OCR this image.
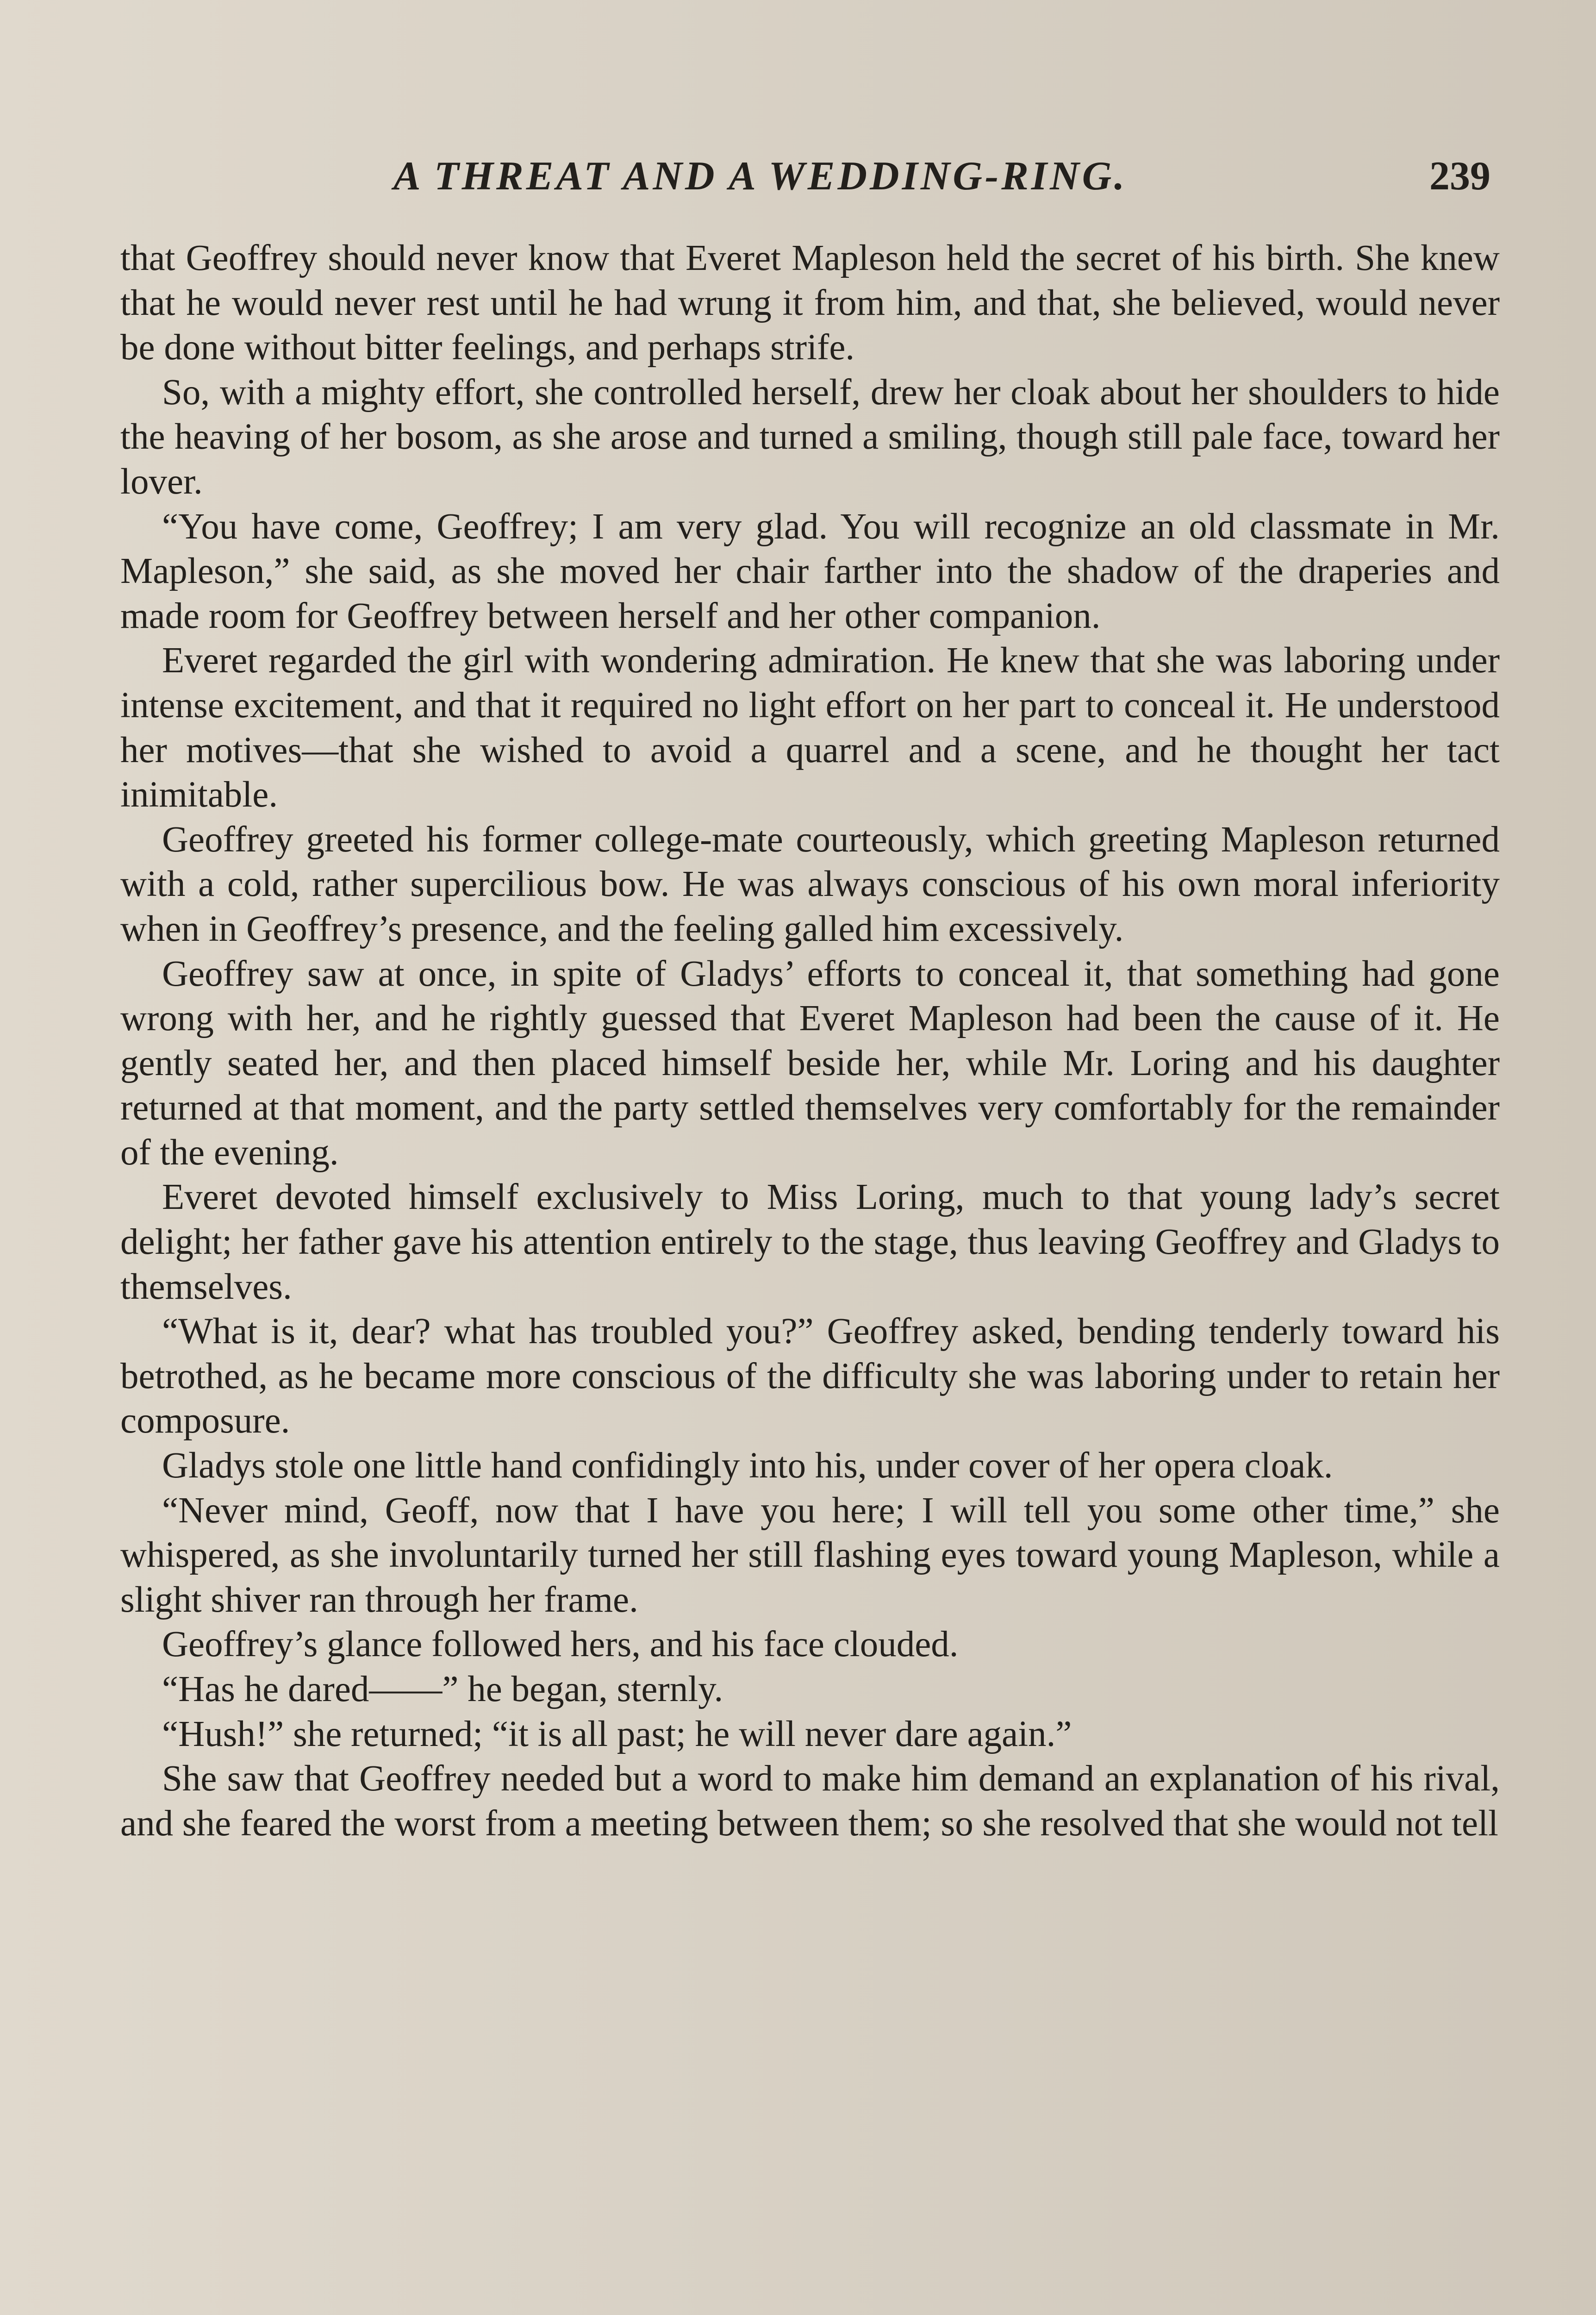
A THREAT AND A WEDDING-RING.	239

that Geoffrey should never know that Everet Mapleson held the secret of his birth. She knew that he would never rest until he had wrung it from him, and that, she believed, would never be done without bitter feelings, and perhaps strife.

So, with a mighty effort, she controlled herself, drew her cloak about her shoulders to hide the heaving of her bosom, as she arose and turned a smiling, though still pale face, toward her lover.

“You have come, Geoffrey; I am very glad. You will recognize an old classmate in Mr. Mapleson,” she said, as she moved her chair farther into the shadow of the draperies and made room for Geoffrey between herself and her other companion.

Everet regarded the girl with wondering admiration. He knew that she was laboring under intense excitement, and that it required no light effort on her part to conceal it. He understood her motives—that she wished to avoid a quarrel and a scene, and he thought her tact inimitable.

Geoffrey greeted his former college-mate courteously, which greeting Mapleson returned with a cold, rather supercilious bow. He was always conscious of his own moral inferiority when in Geoffrey’s presence, and the feeling galled him excessively.

Geoffrey saw at once, in spite of Gladys’ efforts to conceal it, that something had gone wrong with her, and he rightly guessed that Everet Mapleson had been the cause of it. He gently seated her, and then placed himself beside her, while Mr. Loring and his daughter returned at that moment, and the party settled themselves very comfortably for the remainder of the evening.

Everet devoted himself exclusively to Miss Loring, much to that young lady’s secret delight; her father gave his attention entirely to the stage, thus leaving Geoffrey and Gladys to themselves.

“What is it, dear? what has troubled you?” Geoffrey asked, bending tenderly toward his betrothed, as he became more conscious of the difficulty she was laboring under to retain her composure.

Gladys stole one little hand confidingly into his, under cover of her opera cloak.

“Never mind, Geoff, now that I have you here; I will tell you some other time,” she whispered, as she involuntarily turned her still flashing eyes toward young Mapleson, while a slight shiver ran through her frame.

Geoffrey’s glance followed hers, and his face clouded.

“Has he dared——” he began, sternly.

“Hush!” she returned; “it is all past; he will never dare again.”

She saw that Geoffrey needed but a word to make him demand an explanation of his rival, and she feared the worst from a meeting between them; so she resolved that she would not tell
